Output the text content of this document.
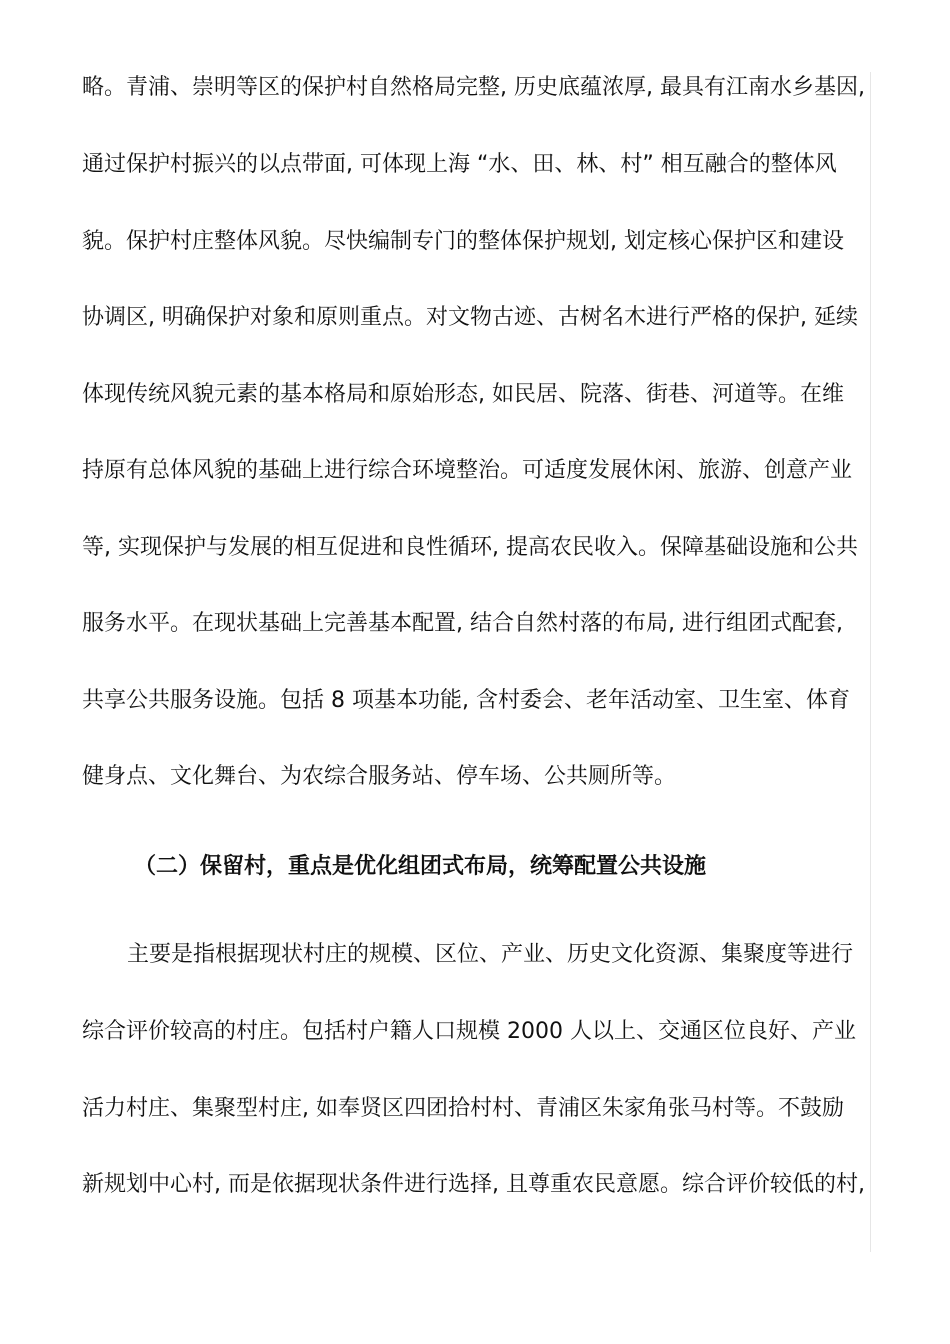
略。青浦、崇明等区的保护村自然格局完整, 历史底蕴浓厚, 最具有江南水乡基因,
通过保护村振兴的以点带面, 可体现上海 “水、田、林、村” 相互融合的整体风
貌。保护村庄整体风貌。尽快编制专门的整体保护规划, 划定核心保护区和建设
协调区, 明确保护对象和原则重点。对文物古迹、古树名木进行严格的保护, 延续
体现传统风貌元素的基本格局和原始形态, 如民居、院落、街巷、河道等。在维
持原有总体风貌的基础上进行综合环境整治。可适度发展休闲、旅游、创意产业
等, 实现保护与发展的相互促进和良性循环, 提高农民收入。保障基础设施和公共
服务水平。在现状基础上完善基本配置, 结合自然村落的布局, 进行组团式配套,
共享公共服务设施。包括 8 项基本功能, 含村委会、老年活动室、卫生室、体育
健身点、文化舞台、为农综合服务站、停车场、公共厕所等。
（二）保留村，重点是优化组团式布局，统筹配置公共设施
主要是指根据现状村庄的规模、区位、产业、历史文化资源、集聚度等进行
综合评价较高的村庄。包括村户籍人口规模 2000 人以上、交通区位良好、产业
活力村庄、集聚型村庄, 如奉贤区四团拾村村、青浦区朱家角张马村等。不鼓励
新规划中心村, 而是依据现状条件进行选择, 且尊重农民意愿。综合评价较低的村,
